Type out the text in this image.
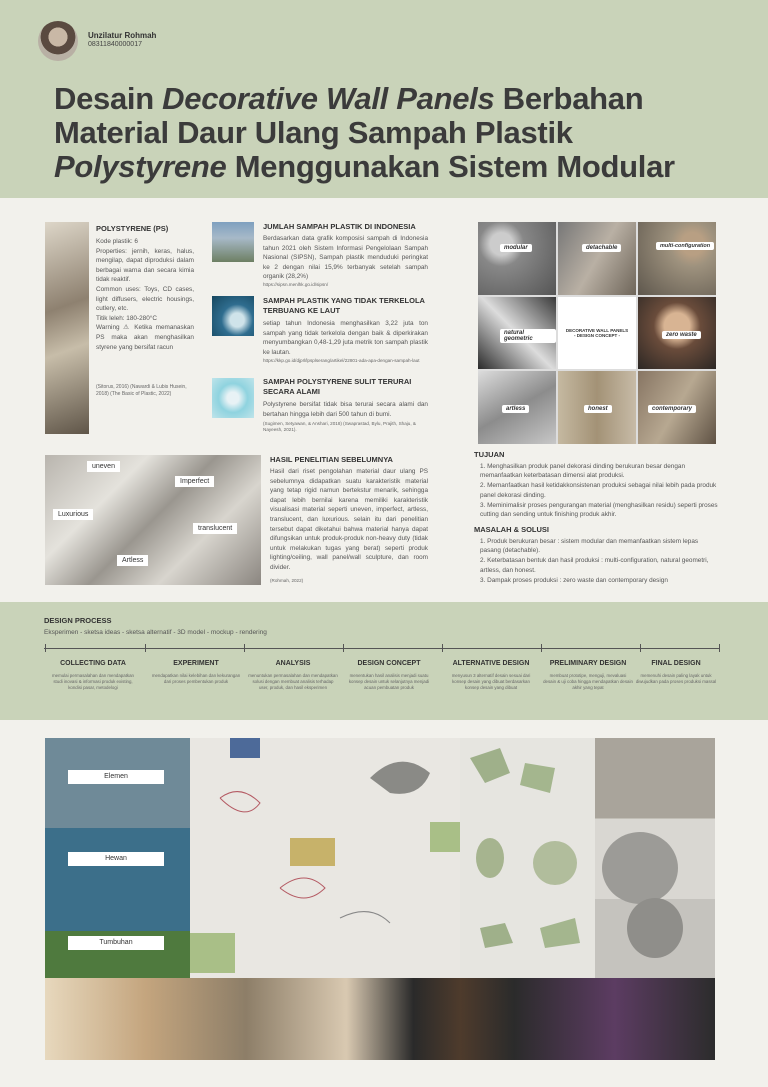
Unzilatur Rohmah
08311840000017
Desain Decorative Wall Panels Berbahan
Material Daur Ulang Sampah Plastik
Polystyrene Menggunakan Sistem Modular
POLYSTYRENE (PS)
Kode plastik: 6
Properties: jernih, keras, halus, mengilap, dapat diproduksi dalam berbagai warna dan secara kimia tidak reaktif.
Common uses: Toys, CD cases, light diffusers, electric housings, cutlery, etc.
Titik leleh: 180-280°C
Warning ⚠ Ketika memanaskan PS maka akan menghasilkan styrene yang bersifat racun
(Sitorus, 2016) (Nawardi & Lubis Husein, 2018) (The Basic of Plastic, 2022)
JUMLAH SAMPAH PLASTIK DI INDONESIA
Berdasarkan data grafik komposisi sampah di Indonesia tahun 2021 oleh Sistem Informasi Pengelolaan Sampah Nasional (SIPSN), Sampah plastik menduduki peringkat ke 2 dengan nilai 15,9% terbanyak setelah sampah organik (28,2%)
https://sipsn.menlhk.go.id/sipsn/
SAMPAH PLASTIK YANG TIDAK TERKELOLA TERBUANG KE LAUT
setiap tahun Indonesia menghasilkan 3,22 juta ton sampah yang tidak terkelola dengan baik & diperkirakan menyumbangkan 0,48-1,29 juta metrik ton sampah plastik ke lautan.
https://kkp.go.id/djprl/lpsplserang/artikel/22801-ada-apa-dengan-sampah-laut
SAMPAH POLYSTYRENE SULIT TERURAI SECARA ALAMI
Polystyrene bersifat tidak bisa terurai secara alami dan bertahan hingga lebih dari 500 tahun di bumi.
(Sugimen, Setyawan, & Anshari, 2018) (Swaprastad, Bylu, Prajith, Shaju, & Nayeesh, 2021).
modular	detachable	multi-configuration
natural geometric
DECORATIVE WALL PANELS
- DESIGN CONCEPT -	zero waste
artless	honest	contemporary
uneven
Imperfect
Luxurious
translucent
Artless
HASIL PENELITIAN SEBELUMNYA
Hasil dari riset pengolahan material daur ulang PS sebelumnya didapatkan suatu karakteristik material yang tetap rigid namun bertekstur menarik, sehingga dapat lebih bernilai karena memiliki karakteristik visualisasi material seperti uneven, imperfect, artless, translucent, dan luxurious. selain itu dari penelitian tersebut dapat diketahui bahwa material hanya dapat difungsikan untuk produk-produk non-heavy duty (tidak untuk melakukan tugas yang berat) seperti produk lighting/ceiling, wall panel/wall sculpture, dan room divider.
(Rohmah, 2022)
TUJUAN
1. Menghasilkan produk panel dekorasi dinding berukuran besar dengan memanfaatkan keterbatasan dimensi alat produksi.
2. Memanfaatkan hasil ketidakkonsistenan produksi sebagai nilai lebih pada produk panel dekorasi dinding.
3. Meminimalisir proses pengurangan material (menghasilkan residu) seperti proses cutting dan sending untuk finishing produk akhir.
MASALAH & SOLUSI
1. Produk berukuran besar : sistem modular dan memanfaatkan sistem lepas pasang (detachable).
2. Keterbatasan bentuk dan hasil produksi : multi-configuration, natural geometri, artless, dan honest.
3. Dampak proses produksi : zero waste dan contemporary design
DESIGN PROCESS
Eksperimen - sketsa ideas - sketsa alternatif - 3D model - mockup - rendering
COLLECTING DATA
memulai permasalahan dan mendapatkan studi inovasi & informasi produk existing, kondisi pasar, metodelogi
EXPERIMENT
mendapatkan nilai kelebihan dan kekurangan dari proses pembentukan produk
ANALYSIS
menuntukan permasalahan dan mendapatkan solusi dengan membuat analisis terhadap user, produk, dan hasil eksperimen
DESIGN CONCEPT
menentukan hasil analisis menjadi suatu konsep desain untuk selanjutnya menjadi acuan pembuatan produk
ALTERNATIVE DESIGN
menyusun 3 alternatif desain sesuai dari konsep desain yang dibuat berdasarkan konsep desain yang dibuat
PRELIMINARY DESIGN
membuat prototipe, menguji, mevaluasi desain & uji coba hingga mendapatkan desain akhir yang tepat
FINAL DESIGN
memenuhi desain paling layak untuk diwujudkan pada proses produksi massal
Elemen
Hewan
Tumbuhan
